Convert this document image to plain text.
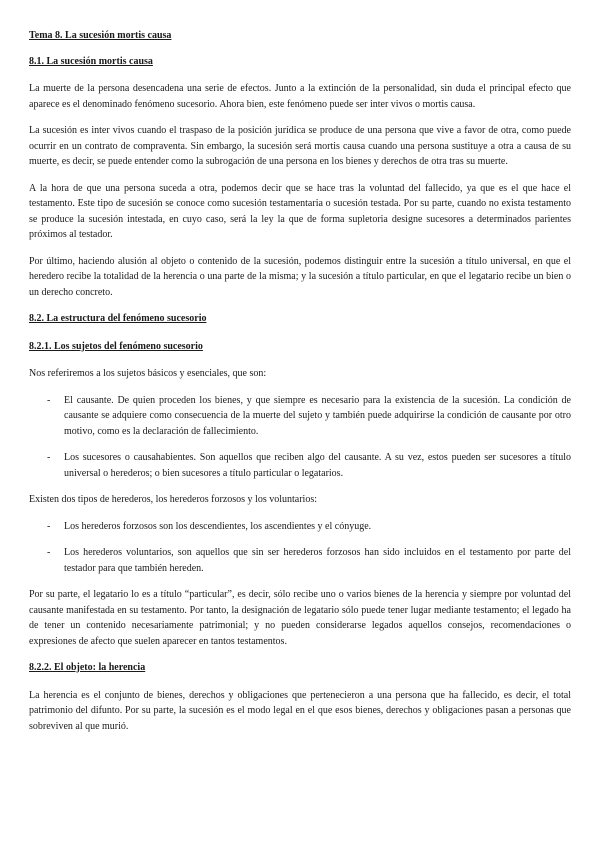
Tema 8. La sucesión mortis causa
8.1. La sucesión mortis causa

La muerte de la persona desencadena una serie de efectos. Junto a la extinción de la personalidad, sin duda el principal efecto que aparece es el denominado fenómeno sucesorio. Ahora bien, este fenómeno puede ser inter vivos o mortis causa.

La sucesión es inter vivos cuando el traspaso de la posición jurídica se produce de una persona que vive a favor de otra, como puede ocurrir en un contrato de compraventa. Sin embargo, la sucesión será mortis causa cuando una persona sustituye a otra a causa de su muerte, es decir, se puede entender como la subrogación de una persona en los bienes y derechos de otra tras su muerte.

A la hora de que una persona suceda a otra, podemos decir que se hace tras la voluntad del fallecido, ya que es el que hace el testamento. Este tipo de sucesión se conoce como sucesión testamentaria o sucesión testada. Por su parte, cuando no exista testamento se produce la sucesión intestada, en cuyo caso, será la ley la que de forma supletoria designe sucesores a determinados parientes próximos al testador.

Por último, haciendo alusión al objeto o contenido de la sucesión, podemos distinguir entre la sucesión a título universal, en que el heredero recibe la totalidad de la herencia o una parte de la misma; y la sucesión a título particular, en que el legatario recibe un bien o un derecho concreto.

8.2. La estructura del fenómeno sucesorio
8.2.1. Los sujetos del fenómeno sucesorio

Nos referiremos a los sujetos básicos y esenciales, que son:

- El causante. De quien proceden los bienes, y que siempre es necesario para la existencia de la sucesión. La condición de causante se adquiere como consecuencia de la muerte del sujeto y también puede adquirirse la condición de causante por otro motivo, como es la declaración de fallecimiento.
- Los sucesores o causahabientes. Son aquellos que reciben algo del causante. A su vez, estos pueden ser sucesores a título universal o herederos; o bien sucesores a título particular o legatarios.

Existen dos tipos de herederos, los herederos forzosos y los voluntarios:

- Los herederos forzosos son los descendientes, los ascendientes y el cónyuge.
- Los herederos voluntarios, son aquellos que sin ser herederos forzosos han sido incluidos en el testamento por parte del testador para que también hereden.

Por su parte, el legatario lo es a título “particular”, es decir, sólo recibe uno o varios bienes de la herencia y siempre por voluntad del causante manifestada en su testamento. Por tanto, la designación de legatario sólo puede tener lugar mediante testamento; el legado ha de tener un contenido necesariamente patrimonial; y no pueden considerarse legados aquellos consejos, recomendaciones o expresiones de afecto que suelen aparecer en tantos testamentos.

8.2.2. El objeto: la herencia

La herencia es el conjunto de bienes, derechos y obligaciones que pertenecieron a una persona que ha fallecido, es decir, el total patrimonio del difunto. Por su parte, la sucesión es el modo legal en el que esos bienes, derechos y obligaciones pasan a personas que sobreviven al que murió.
